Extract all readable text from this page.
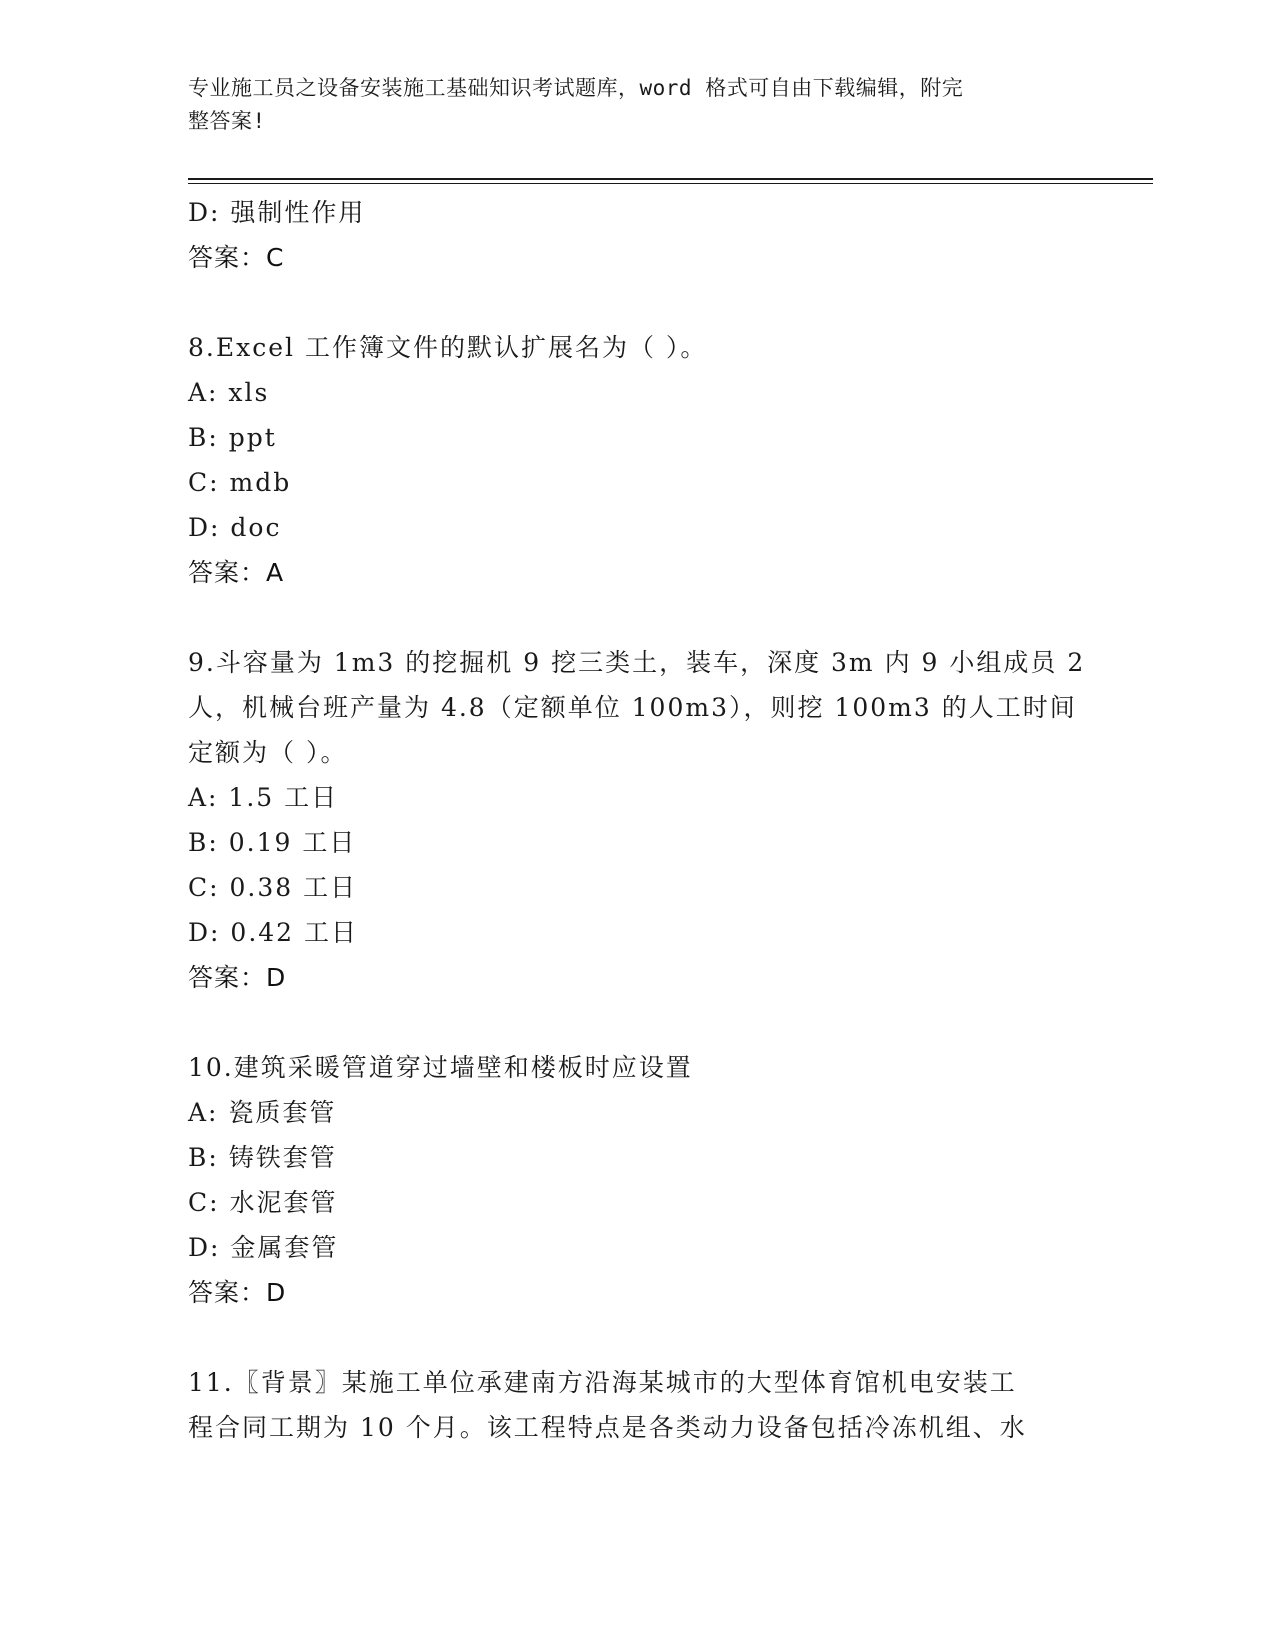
专业施工员之设备安装施工基础知识考试题库，word 格式可自由下载编辑，附完
整答案!
D: 强制性作用
答案：C
8.Excel 工作簿文件的默认扩展名为（ ）。
A: xls
B: ppt
C: mdb
D: doc
答案：A
9.斗容量为 1m3 的挖掘机 9 挖三类土，装车，深度 3m 内 9 小组成员 2
人，机械台班产量为 4.8（定额单位 100m3），则挖 100m3 的人工时间
定额为（ ）。
A: 1.5 工日
B: 0.19 工日
C: 0.38 工日
D: 0.42 工日
答案：D
10.建筑采暖管道穿过墙壁和楼板时应设置
A: 瓷质套管
B: 铸铁套管
C: 水泥套管
D: 金属套管
答案：D
11.〖背景〗某施工单位承建南方沿海某城市的大型体育馆机电安装工
程合同工期为 10 个月。该工程特点是各类动力设备包括冷冻机组、水
